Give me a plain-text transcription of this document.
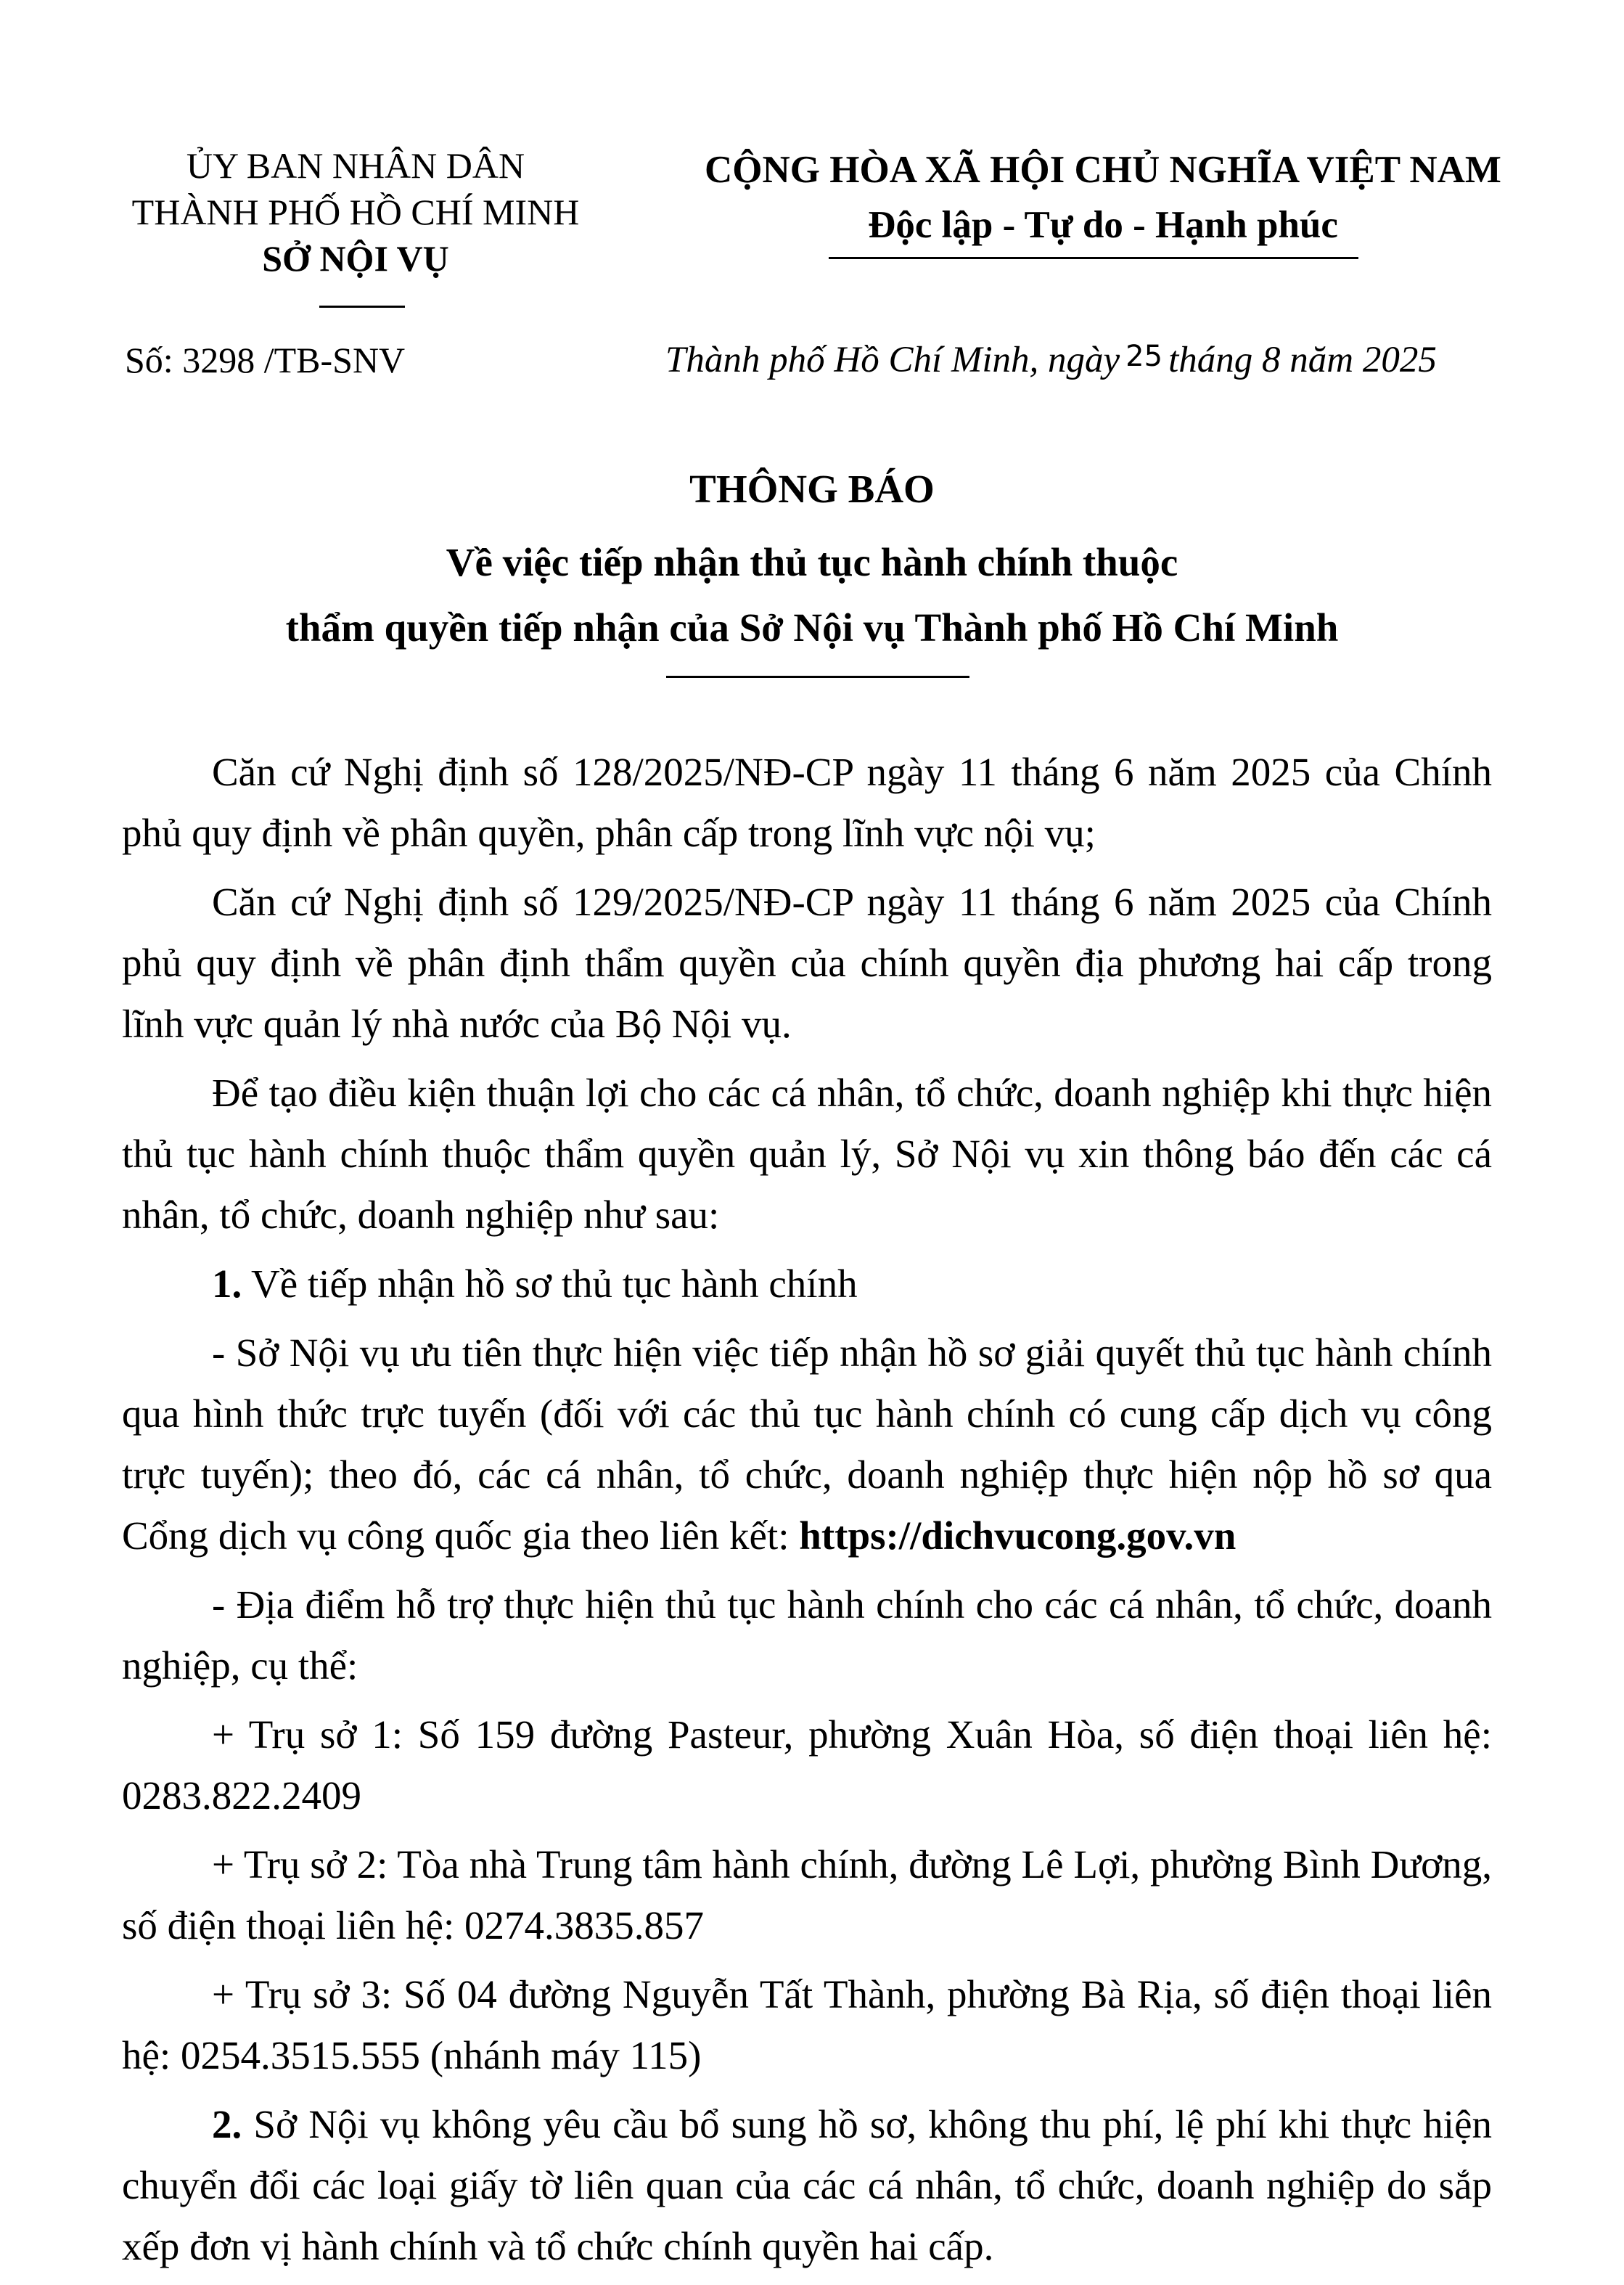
ỦY BAN NHÂN DÂN
THÀNH PHỐ HỒ CHÍ MINH
SỞ NỘI VỤ
Số: 3298 /TB-SNV
CỘNG HÒA XÃ HỘI CHỦ NGHĨA VIỆT NAM
Độc lập - Tự do - Hạnh phúc
Thành phố Hồ Chí Minh, ngày 25 tháng 8 năm 2025
THÔNG BÁO
Về việc tiếp nhận thủ tục hành chính thuộc
thẩm quyền tiếp nhận của Sở Nội vụ Thành phố Hồ Chí Minh

Căn cứ Nghị định số 128/2025/NĐ-CP ngày 11 tháng 6 năm 2025 của Chính phủ quy định về phân quyền, phân cấp trong lĩnh vực nội vụ;

Căn cứ Nghị định số 129/2025/NĐ-CP ngày 11 tháng 6 năm 2025 của Chính phủ quy định về phân định thẩm quyền của chính quyền địa phương hai cấp trong lĩnh vực quản lý nhà nước của Bộ Nội vụ.

Để tạo điều kiện thuận lợi cho các cá nhân, tổ chức, doanh nghiệp khi thực hiện thủ tục hành chính thuộc thẩm quyền quản lý, Sở Nội vụ xin thông báo đến các cá nhân, tổ chức, doanh nghiệp như sau:

1. Về tiếp nhận hồ sơ thủ tục hành chính

- Sở Nội vụ ưu tiên thực hiện việc tiếp nhận hồ sơ giải quyết thủ tục hành chính qua hình thức trực tuyến (đối với các thủ tục hành chính có cung cấp dịch vụ công trực tuyến); theo đó, các cá nhân, tổ chức, doanh nghiệp thực hiện nộp hồ sơ qua Cổng dịch vụ công quốc gia theo liên kết: https://dichvucong.gov.vn

- Địa điểm hỗ trợ thực hiện thủ tục hành chính cho các cá nhân, tổ chức, doanh nghiệp, cụ thể:

+ Trụ sở 1: Số 159 đường Pasteur, phường Xuân Hòa, số điện thoại liên hệ: 0283.822.2409

+ Trụ sở 2: Tòa nhà Trung tâm hành chính, đường Lê Lợi, phường Bình Dương, số điện thoại liên hệ: 0274.3835.857

+ Trụ sở 3: Số 04 đường Nguyễn Tất Thành, phường Bà Rịa, số điện thoại liên hệ: 0254.3515.555 (nhánh máy 115)

2. Sở Nội vụ không yêu cầu bổ sung hồ sơ, không thu phí, lệ phí khi thực hiện chuyển đổi các loại giấy tờ liên quan của các cá nhân, tổ chức, doanh nghiệp do sắp xếp đơn vị hành chính và tổ chức chính quyền hai cấp.
